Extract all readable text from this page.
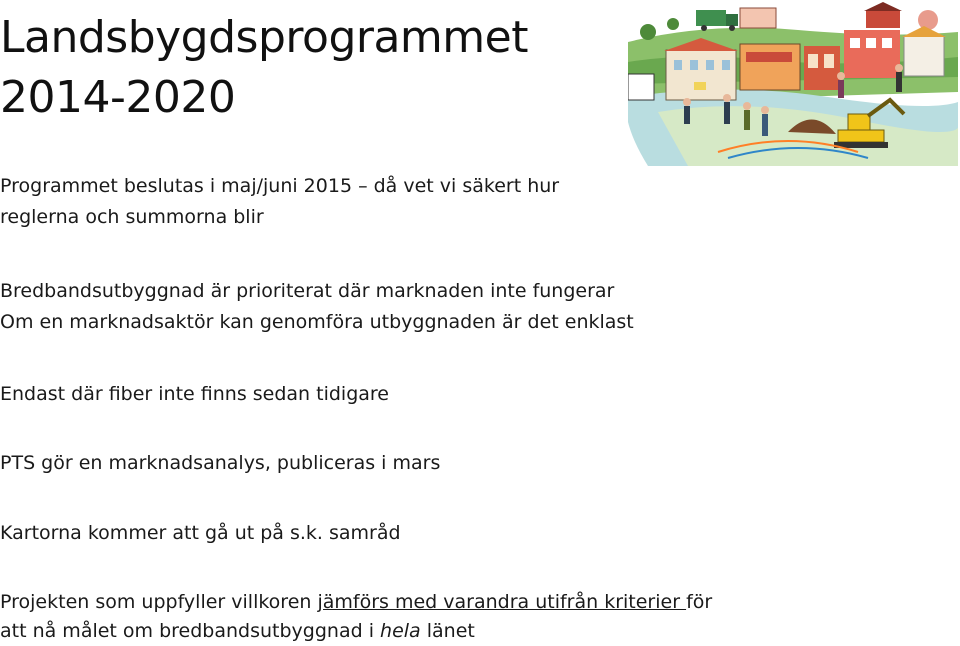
Landsbygdsprogrammet
2014-2020
Programmet beslutas i maj/juni 2015 – då vet vi säkert hur
reglerna och summorna blir
Bredbandsutbyggnad är prioriterat där marknaden inte fungerar
Om en marknadsaktör kan genomföra utbyggnaden är det enklast
Endast där fiber inte finns sedan tidigare
PTS gör en marknadsanalys, publiceras i mars
Kartorna kommer att gå ut på s.k. samråd
Projekten som uppfyller villkoren jämförs med varandra utifrån kriterier för
att nå målet om bredbandsutbyggnad i hela länet
